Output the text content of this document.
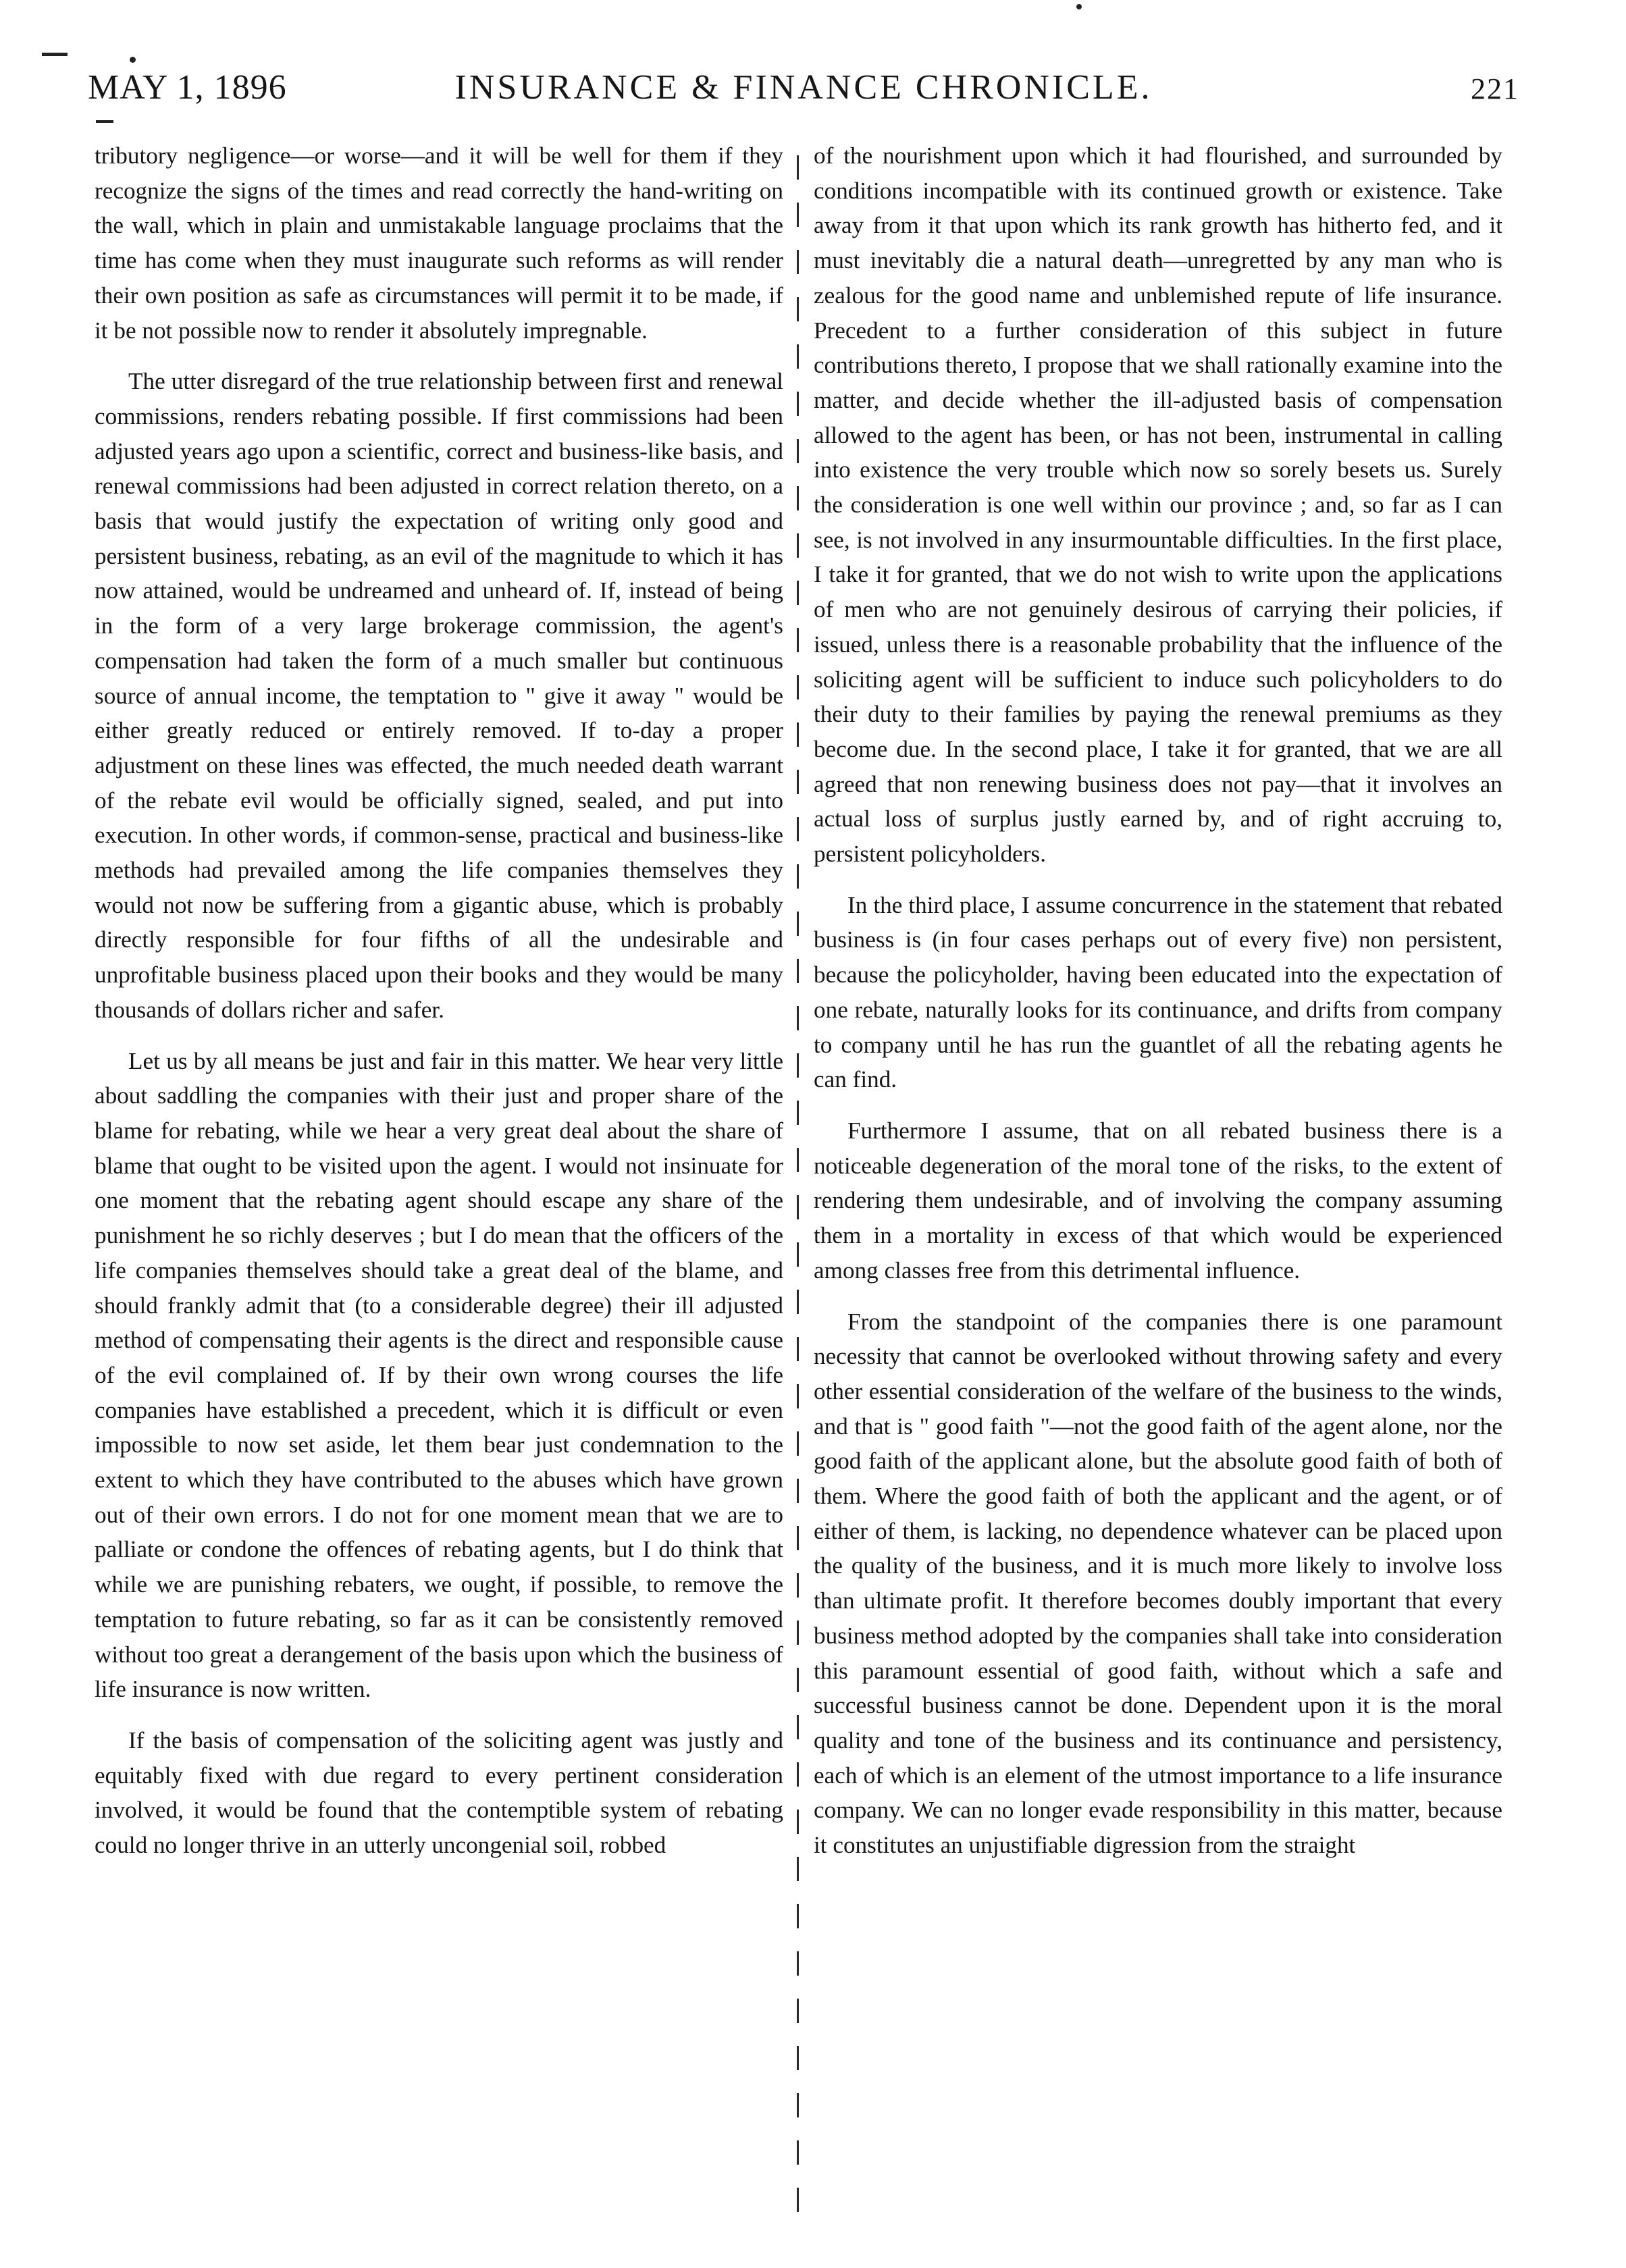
MAY 1, 1896	INSURANCE & FINANCE CHRONICLE.	221

tributory negligence—or worse—and it will be well for them if they recognize the signs of the times and read correctly the hand-writing on the wall, which in plain and unmistakable language proclaims that the time has come when they must inaugurate such reforms as will render their own position as safe as circumstances will permit it to be made, if it be not possible now to render it absolutely impregnable.

The utter disregard of the true relationship between first and renewal commissions, renders rebating possible. If first commissions had been adjusted years ago upon a scientific, correct and business-like basis, and renewal commissions had been adjusted in correct relation thereto, on a basis that would justify the expectation of writing only good and persistent business, rebating, as an evil of the magnitude to which it has now attained, would be undreamed and unheard of. If, instead of being in the form of a very large brokerage commission, the agent's compensation had taken the form of a much smaller but continuous source of annual income, the temptation to " give it away " would be either greatly reduced or entirely removed. If to-day a proper adjustment on these lines was effected, the much needed death warrant of the rebate evil would be officially signed, sealed, and put into execution. In other words, if common-sense, practical and business-like methods had prevailed among the life companies themselves they would not now be suffering from a gigantic abuse, which is probably directly responsible for four fifths of all the undesirable and unprofitable business placed upon their books and they would be many thousands of dollars richer and safer.

Let us by all means be just and fair in this matter. We hear very little about saddling the companies with their just and proper share of the blame for rebating, while we hear a very great deal about the share of blame that ought to be visited upon the agent. I would not insinuate for one moment that the rebating agent should escape any share of the punishment he so richly deserves ; but I do mean that the officers of the life companies themselves should take a great deal of the blame, and should frankly admit that (to a considerable degree) their ill adjusted method of compensating their agents is the direct and responsible cause of the evil complained of. If by their own wrong courses the life companies have established a precedent, which it is difficult or even impossible to now set aside, let them bear just condemnation to the extent to which they have contributed to the abuses which have grown out of their own errors. I do not for one moment mean that we are to palliate or condone the offences of rebating agents, but I do think that while we are punishing rebaters, we ought, if possible, to remove the temptation to future rebating, so far as it can be consistently removed without too great a derangement of the basis upon which the business of life insurance is now written.

If the basis of compensation of the soliciting agent was justly and equitably fixed with due regard to every pertinent consideration involved, it would be found that the contemptible system of rebating could no longer thrive in an utterly uncongenial soil, robbed

of the nourishment upon which it had flourished, and surrounded by conditions incompatible with its continued growth or existence. Take away from it that upon which its rank growth has hitherto fed, and it must inevitably die a natural death—unregretted by any man who is zealous for the good name and unblemished repute of life insurance. Precedent to a further consideration of this subject in future contributions thereto, I propose that we shall rationally examine into the matter, and decide whether the ill-adjusted basis of compensation allowed to the agent has been, or has not been, instrumental in calling into existence the very trouble which now so sorely besets us. Surely the consideration is one well within our province ; and, so far as I can see, is not involved in any insurmountable difficulties. In the first place, I take it for granted, that we do not wish to write upon the applications of men who are not genuinely desirous of carrying their policies, if issued, unless there is a reasonable probability that the influence of the soliciting agent will be sufficient to induce such policyholders to do their duty to their families by paying the renewal premiums as they become due. In the second place, I take it for granted, that we are all agreed that non renewing business does not pay—that it involves an actual loss of surplus justly earned by, and of right accruing to, persistent policyholders.

In the third place, I assume concurrence in the statement that rebated business is (in four cases perhaps out of every five) non persistent, because the policyholder, having been educated into the expectation of one rebate, naturally looks for its continuance, and drifts from company to company until he has run the guantlet of all the rebating agents he can find.

Furthermore I assume, that on all rebated business there is a noticeable degeneration of the moral tone of the risks, to the extent of rendering them undesirable, and of involving the company assuming them in a mortality in excess of that which would be experienced among classes free from this detrimental influence.

From the standpoint of the companies there is one paramount necessity that cannot be overlooked without throwing safety and every other essential consideration of the welfare of the business to the winds, and that is " good faith "—not the good faith of the agent alone, nor the good faith of the applicant alone, but the absolute good faith of both of them. Where the good faith of both the applicant and the agent, or of either of them, is lacking, no dependence whatever can be placed upon the quality of the business, and it is much more likely to involve loss than ultimate profit. It therefore becomes doubly important that every business method adopted by the companies shall take into consideration this paramount essential of good faith, without which a safe and successful business cannot be done. Dependent upon it is the moral quality and tone of the business and its continuance and persistency, each of which is an element of the utmost importance to a life insurance company. We can no longer evade responsibility in this matter, because it constitutes an unjustifiable digression from the straight
